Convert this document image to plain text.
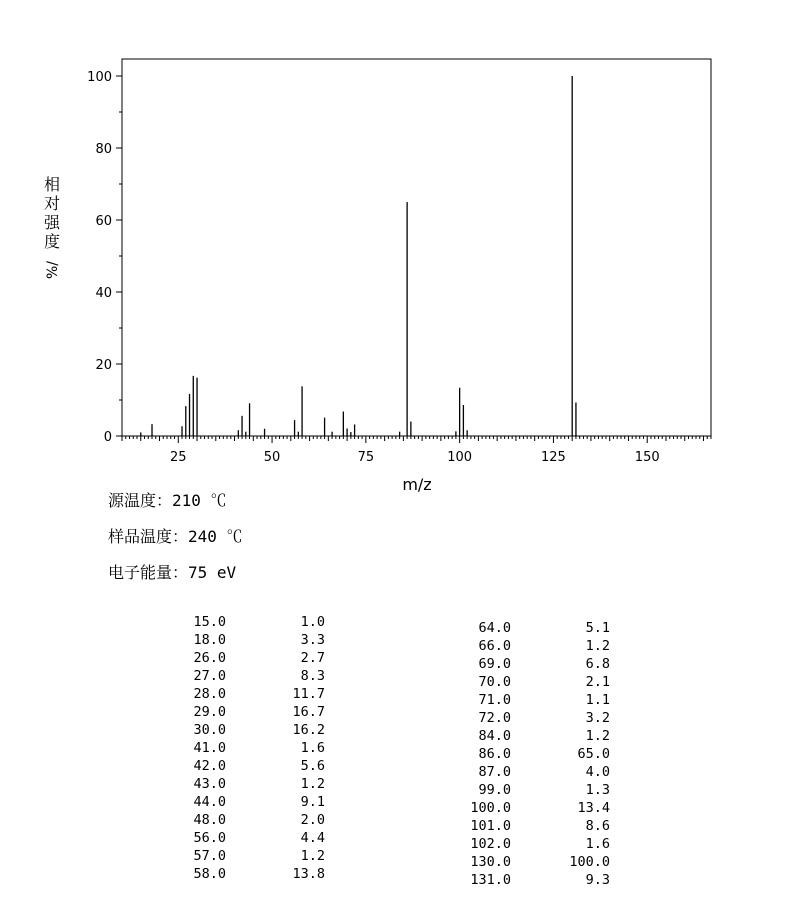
0
20
40
60
80
100
25	50	75	100	125	150
m/z
相对强度
%/
源温度：210 ℃
样品温度：240 ℃
电子能量：75 eV
15.0	1.0
18.0	3.3
26.0	2.7
27.0	8.3
28.0	11.7
29.0	16.7
30.0	16.2
41.0	1.6
42.0	5.6
43.0	1.2
44.0	9.1
48.0	2.0
56.0	4.4
57.0	1.2
58.0	13.8
64.0	5.1
66.0	1.2
69.0	6.8
70.0	2.1
71.0	1.1
72.0	3.2
84.0	1.2
86.0	65.0
87.0	4.0
99.0	1.3
100.0	13.4
101.0	8.6
102.0	1.6
130.0	100.0
131.0	9.3
